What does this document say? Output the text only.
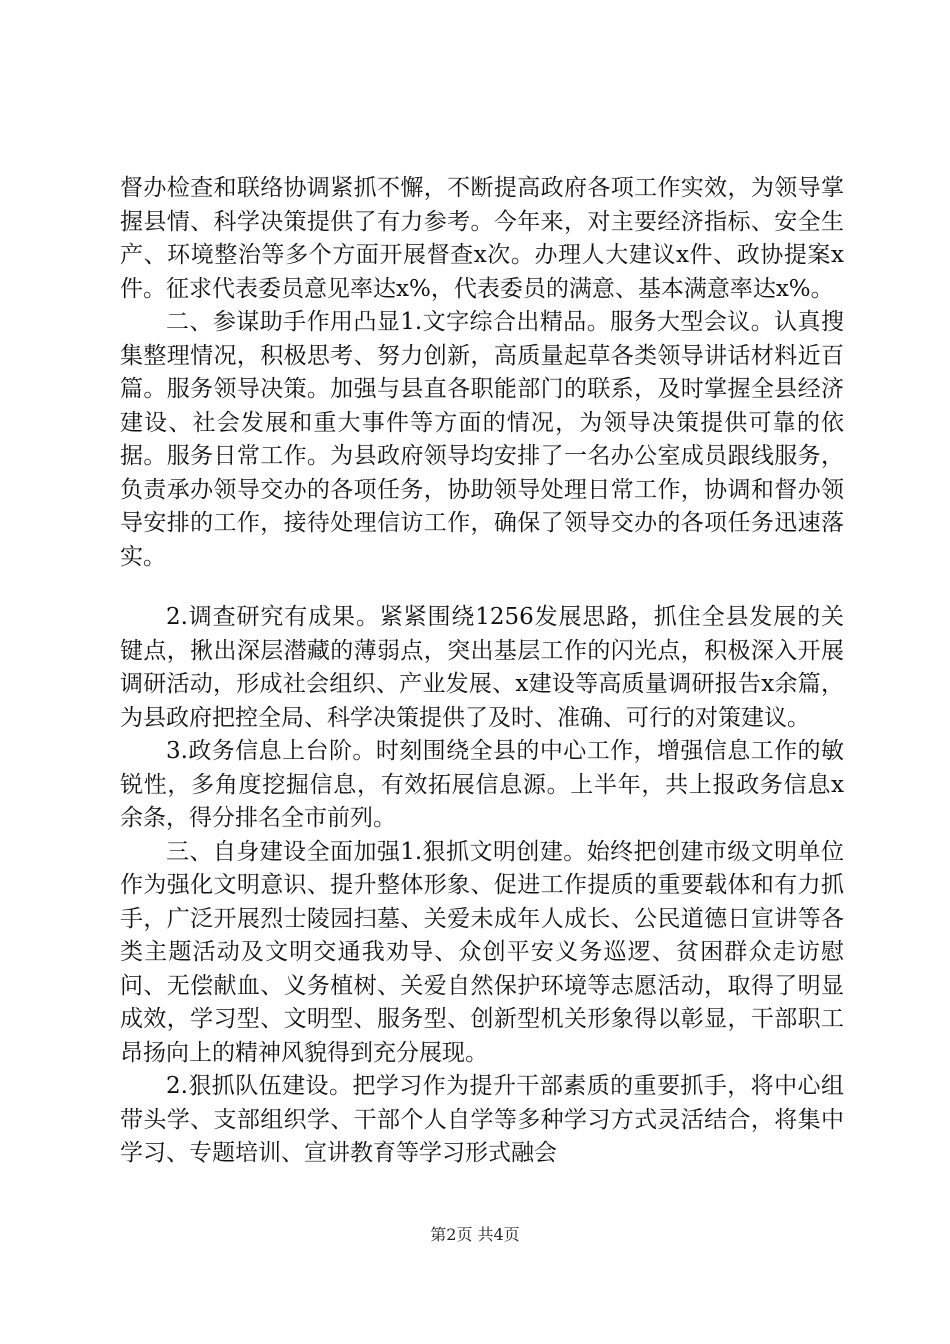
督办检查和联络协调紧抓不懈，不断提高政府各项工作实效，为领导掌握县情、科学决策提供了有力参考。今年来，对主要经济指标、安全生产、环境整治等多个方面开展督查x次。办理人大建议x件、政协提案x件。征求代表委员意见率达x%，代表委员的满意、基本满意率达x%。

二、参谋助手作用凸显1.文字综合出精品。服务大型会议。认真搜集整理情况，积极思考、努力创新，高质量起草各类领导讲话材料近百篇。服务领导决策。加强与县直各职能部门的联系，及时掌握全县经济建设、社会发展和重大事件等方面的情况，为领导决策提供可靠的依据。服务日常工作。为县政府领导均安排了一名办公室成员跟线服务，负责承办领导交办的各项任务，协助领导处理日常工作，协调和督办领导安排的工作，接待处理信访工作，确保了领导交办的各项任务迅速落实。

2.调查研究有成果。紧紧围绕1256发展思路，抓住全县发展的关键点，揪出深层潜藏的薄弱点，突出基层工作的闪光点，积极深入开展调研活动，形成社会组织、产业发展、x建设等高质量调研报告x余篇，为县政府把控全局、科学决策提供了及时、准确、可行的对策建议。

3.政务信息上台阶。时刻围绕全县的中心工作，增强信息工作的敏锐性，多角度挖掘信息，有效拓展信息源。上半年，共上报政务信息x余条，得分排名全市前列。

三、自身建设全面加强1.狠抓文明创建。始终把创建市级文明单位作为强化文明意识、提升整体形象、促进工作提质的重要载体和有力抓手，广泛开展烈士陵园扫墓、关爱未成年人成长、公民道德日宣讲等各类主题活动及文明交通我劝导、众创平安义务巡逻、贫困群众走访慰问、无偿献血、义务植树、关爱自然保护环境等志愿活动，取得了明显成效，学习型、文明型、服务型、创新型机关形象得以彰显，干部职工昂扬向上的精神风貌得到充分展现。

2.狠抓队伍建设。把学习作为提升干部素质的重要抓手，将中心组带头学、支部组织学、干部个人自学等多种学习方式灵活结合，将集中学习、专题培训、宣讲教育等学习形式融会

第2页 共4页
